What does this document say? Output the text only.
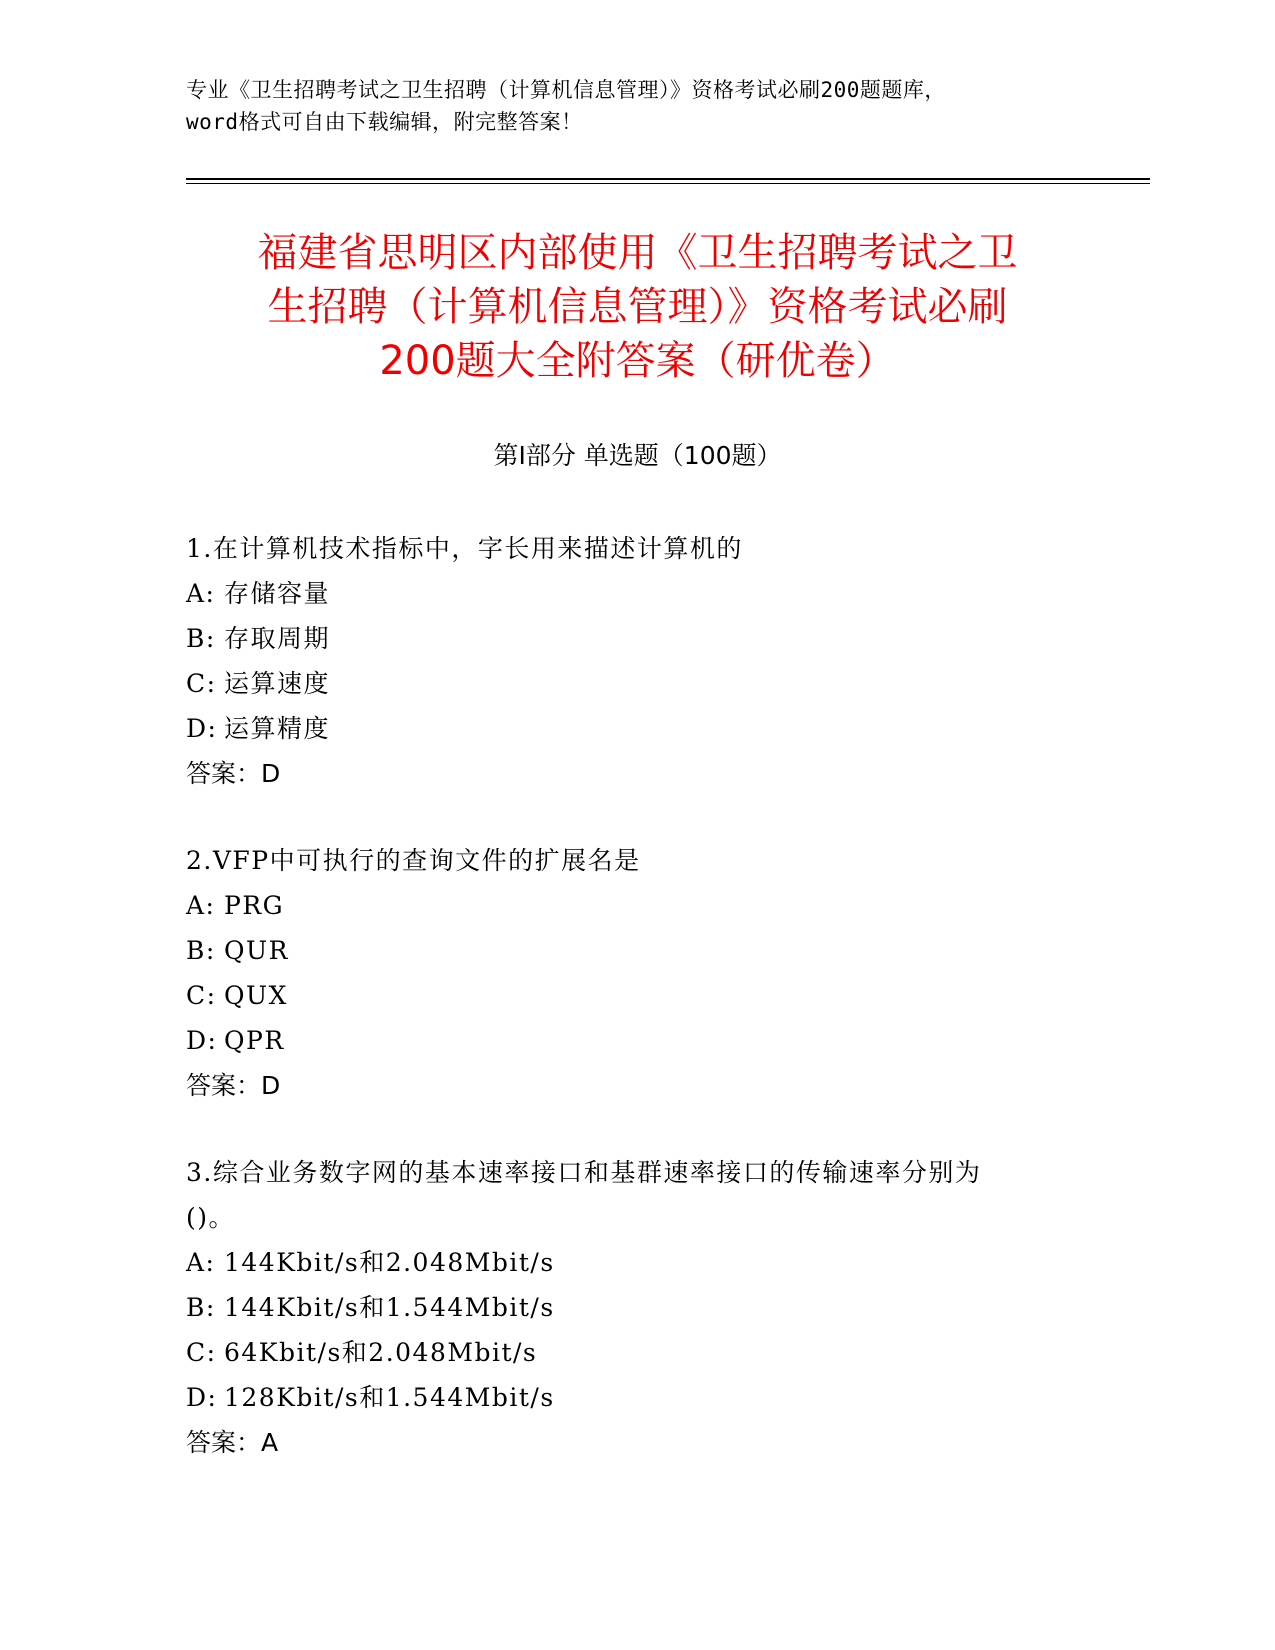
专业《卫生招聘考试之卫生招聘（计算机信息管理）》资格考试必刷200题题库，
word格式可自由下载编辑，附完整答案！
福建省思明区内部使用《卫生招聘考试之卫
生招聘（计算机信息管理）》资格考试必刷
200题大全附答案（研优卷）
第Ⅰ部分 单选题（100题）
1.在计算机技术指标中，字长用来描述计算机的
A: 存储容量
B: 存取周期
C: 运算速度
D: 运算精度
答案：D
2.VFP中可执行的查询文件的扩展名是
A: PRG
B: QUR
C: QUX
D: QPR
答案：D
3.综合业务数字网的基本速率接口和基群速率接口的传输速率分别为
()。
A: 144Kbit/s和2.048Mbit/s
B: 144Kbit/s和1.544Mbit/s
C: 64Kbit/s和2.048Mbit/s
D: 128Kbit/s和1.544Mbit/s
答案：A
